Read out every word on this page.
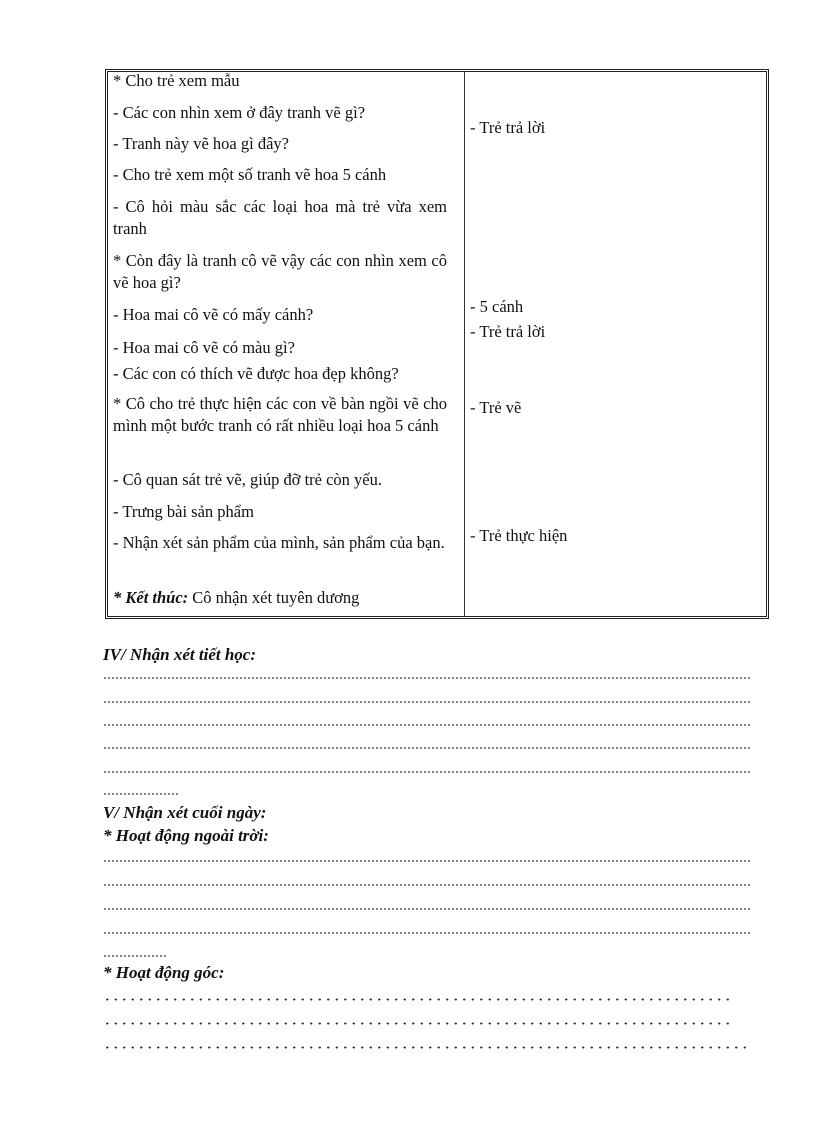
* Cho trẻ xem mẫu
- Các con nhìn xem ở đây tranh vẽ gì?
- Tranh này vẽ hoa gì đây?
- Cho trẻ xem một số tranh vẽ hoa 5 cánh
- Cô hỏi màu sắc các loại hoa mà trẻ vừa xem tranh
* Còn đây là tranh cô vẽ vậy các con nhìn xem cô vẽ hoa gì?
- Hoa mai cô vẽ có mấy cánh?
- Hoa mai cô vẽ có màu gì?
- Các con có thích vẽ được hoa đẹp không?
* Cô cho trẻ thực hiện các con về bàn ngồi vẽ cho mình một bước tranh có rất nhiều loại hoa 5 cánh
- Cô quan sát trẻ vẽ, giúp đỡ trẻ còn yếu.
- Trưng bài sản phẩm
- Nhận xét sản phẩm của mình, sản phẩm của bạn.
* Kết thúc: Cô nhận xét tuyên dương
- Trẻ trả lời
- 5 cánh
- Trẻ trả lời
- Trẻ vẽ
- Trẻ thực hiện
IV/ Nhận xét tiết học:
V/ Nhận xét cuối ngày:
* Hoạt động ngoài trời:
* Hoạt động góc:
